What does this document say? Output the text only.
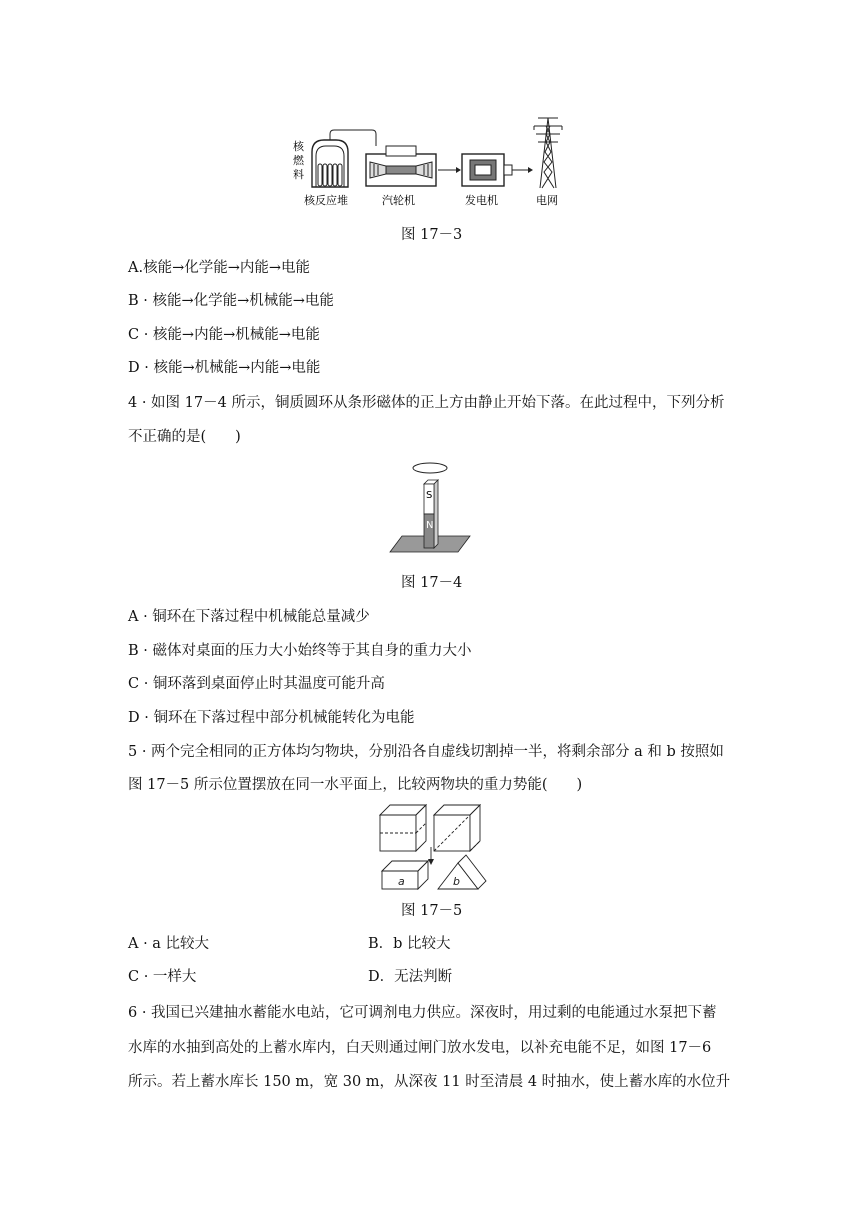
核
燃
料
核反应堆	汽轮机	发电机	电网
图 17－3
A.核能→化学能→内能→电能
B · 核能→化学能→机械能→电能
C · 核能→内能→机械能→电能
D · 核能→机械能→内能→电能
4 · 如图 17－4 所示，铜质圆环从条形磁体的正上方由静止开始下落。在此过程中，下列分析
不正确的是(　　)
S
N
图 17－4
A · 铜环在下落过程中机械能总量减少
B · 磁体对桌面的压力大小始终等于其自身的重力大小
C · 铜环落到桌面停止时其温度可能升高
D · 铜环在下落过程中部分机械能转化为电能
5 · 两个完全相同的正方体均匀物块，分别沿各自虚线切割掉一半，将剩余部分 a 和 b 按照如
图 17－5 所示位置摆放在同一水平面上，比较两物块的重力势能(　　)
a	b
图 17－5
A · a 比较大	B．b 比较大
C · 一样大	D．无法判断
6 · 我国已兴建抽水蓄能水电站，它可调剂电力供应。深夜时，用过剩的电能通过水泵把下蓄
水库的水抽到高处的上蓄水库内，白天则通过闸门放水发电，以补充电能不足，如图 17－6
所示。若上蓄水库长 150 m，宽 30 m，从深夜 11 时至清晨 4 时抽水，使上蓄水库的水位升
